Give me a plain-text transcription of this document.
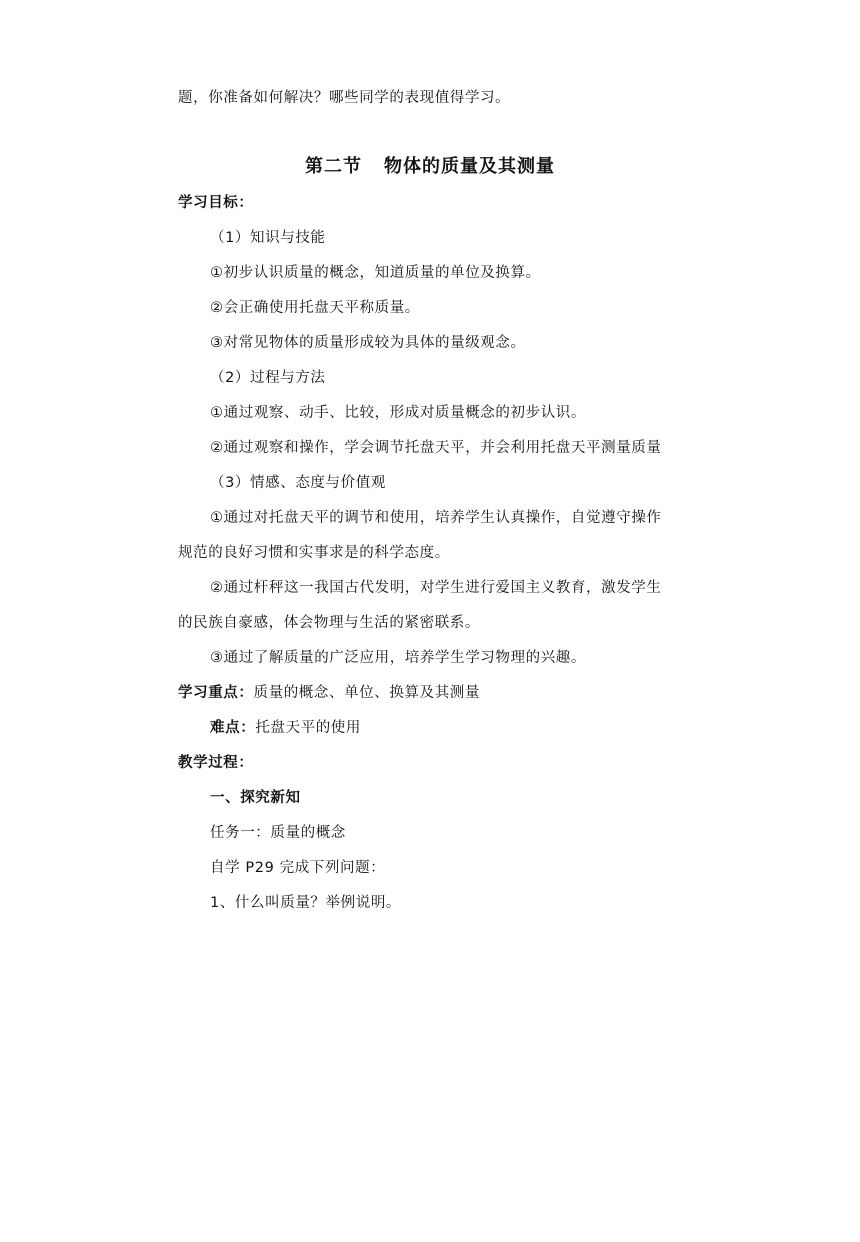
题，你准备如何解决？哪些同学的表现值得学习。
第二节 物体的质量及其测量
学习目标：
（1）知识与技能
①初步认识质量的概念，知道质量的单位及换算。
②会正确使用托盘天平称质量。
③对常见物体的质量形成较为具体的量级观念。
（2）过程与方法
①通过观察、动手、比较，形成对质量概念的初步认识。
②通过观察和操作，学会调节托盘天平，并会利用托盘天平测量质量
（3）情感、态度与价值观
①通过对托盘天平的调节和使用，培养学生认真操作，自觉遵守操作
规范的良好习惯和实事求是的科学态度。
②通过杆秤这一我国古代发明，对学生进行爱国主义教育，激发学生
的民族自豪感，体会物理与生活的紧密联系。
③通过了解质量的广泛应用，培养学生学习物理的兴趣。
学习重点：质量的概念、单位、换算及其测量
难点：托盘天平的使用
教学过程：
一、探究新知
任务一：质量的概念
自学 P29 完成下列问题：
1、什么叫质量？举例说明。
